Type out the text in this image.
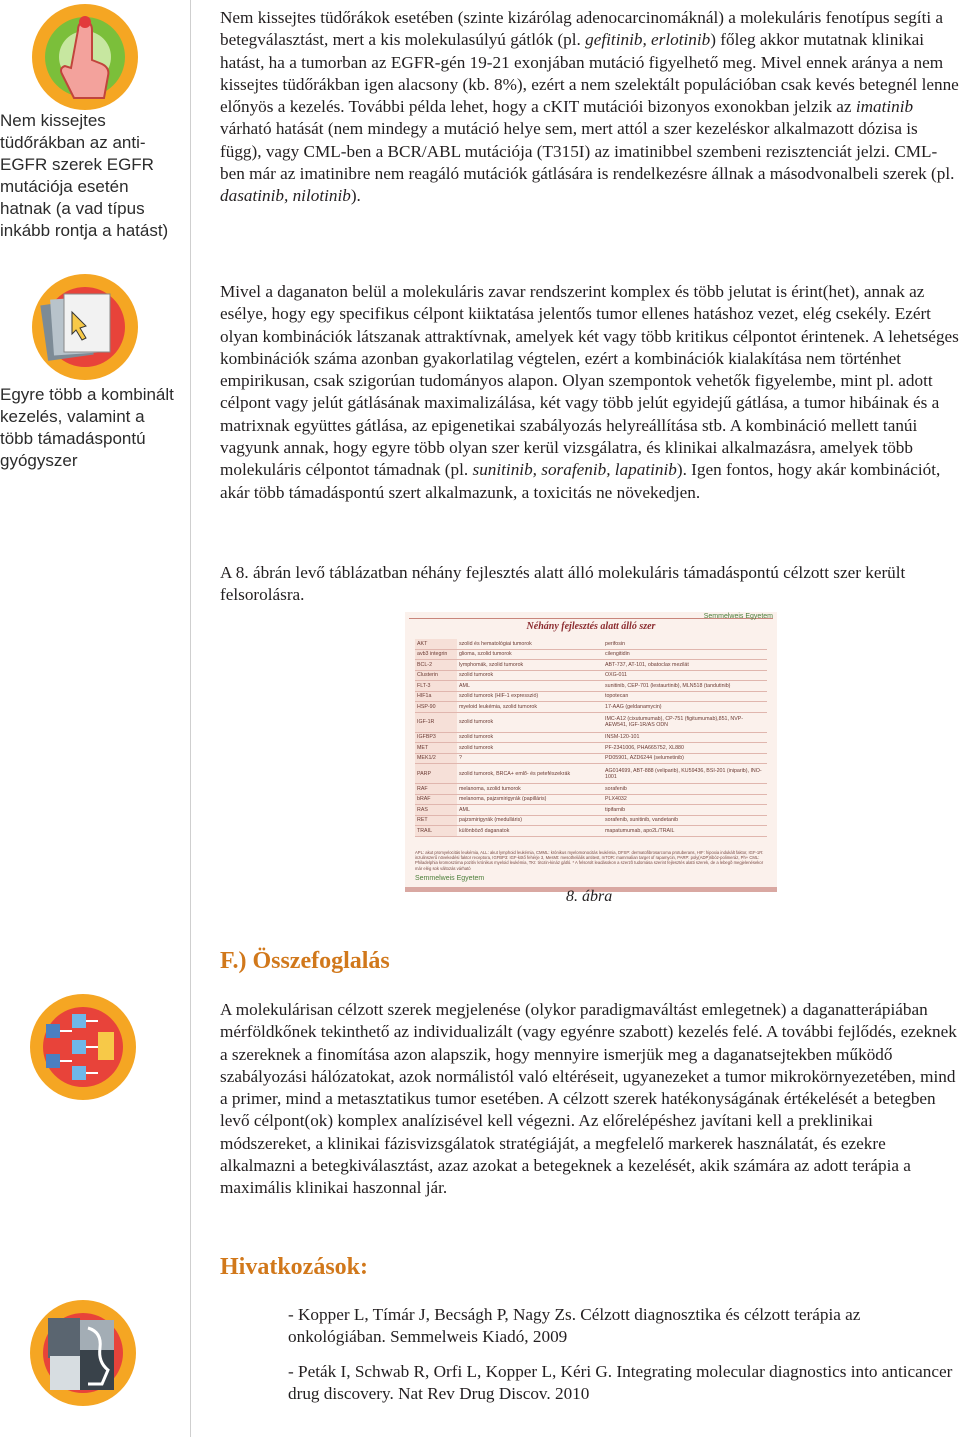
Nem kissejtes tüdőrákban az anti-EGFR szerek EGFR mutációja esetén hatnak (a vad típus inkább rontja a hatást)
Egyre több a kombinált kezelés, valamint a több támadáspontú gyógyszer

Nem kissejtes tüdőrákok esetében (szinte kizárólag adenocarcinomáknál) a molekuláris fenotípus segíti a betegválasztást, mert a kis molekulasúlyú gátlók (pl. gefitinib, erlotinib) főleg akkor mutatnak klinikai hatást, ha a tumorban az EGFR-gén 19-21 exonjában mutáció figyelhető meg. Mivel ennek aránya a nem kissejtes tüdőrákban igen alacsony (kb. 8%), ezért a nem szelektált populációban csak kevés betegnél lenne előnyös a kezelés. További példa lehet, hogy a cKIT mutációi bizonyos exonokban jelzik az imatinib várható hatását (nem mindegy a mutáció helye sem, mert attól a szer kezeléskor alkalmazott dózisa is függ), vagy CML-ben a BCR/ABL mutációja (T315I) az imatinibbel szembeni rezisztenciát jelzi. CML-ben már az imatinibre nem reagáló mutációk gátlására is rendelkezésre állnak a másodvonalbeli szerek (pl. dasatinib, nilotinib).

Mivel a daganaton belül a molekuláris zavar rendszerint komplex és több jelutat is érint(het), annak az esélye, hogy egy specifikus célpont kiiktatása jelentős tumor ellenes hatáshoz vezet, elég csekély. Ezért olyan kombinációk látszanak attraktívnak, amelyek két vagy több kritikus célpontot érintenek. A lehetséges kombinációk száma azonban gyakorlatilag végtelen, ezért a kombinációk kialakítása nem történhet empirikusan, csak szigorúan tudományos alapon. Olyan szempontok vehetők figyelembe, mint pl. adott célpont vagy jelút gátlásának maximalizálása, két vagy több jelút egyidejű gátlása, a tumor hibáinak és a matrixnak együttes gátlása, az epigenetikai szabályozás helyreállítása stb. A kombináció mellett tanúi vagyunk annak, hogy egyre több olyan szer kerül vizsgálatra, és klinikai alkalmazásra, amelyek több molekuláris célpontot támadnak (pl. sunitinib, sorafenib, lapatinib). Igen fontos, hogy akár kombinációt, akár több támadáspontú szert alkalmazunk, a toxicitás ne növekedjen.

A 8. ábrán levő táblázatban néhány fejlesztés alatt álló molekuláris támadáspontú célzott szer került felsorolásra.

Semmelweis Egyetem
Néhány fejlesztés alatt álló szer
AKT	szolid és hematológiai tumorok	perifosin
avb3 integrin	glioma, szolid tumorok	cilengitidin
BCL-2	lymphomák, szolid tumorok	ABT-737, AT-101, obatoclax mezilát
Clusterin	szolid tumorok	OXG-011
FLT-3	AML	sunitinib, CEP-701 (lestaurtinib), MLN518 (tandutinib)
HIF1a	szolid tumorok (HIF-1 expresszió)	topotecan
HSP-90	myeloid leukémia, szolid tumorok	17-AAG (geldanamycin)
IGF-1R	szolid tumorok	IMC-A12 (cixutumumab), CP-751 (figitumumab),851, NVP-AEW541, IGF-1R/AS ODN
IGFBP3	szolid tumorok	INSM-120-101
MET	szolid tumorok	PF-2341006, PHA665752, XL880
MEK1/2	?	PD05901, AZD6244 (selumetinib)
PARP	szolid tumorok, BRCA+ emlő- és petefészekrák	AG014699, ABT-888 (veliparib), KU59436, BSI-201 (iniparib), INO-1001
RAF	melanoma, szolid tumorok	sorafenib
bRAF	melanoma, pajzsmirigyrák (papilláris)	PLX4032
RAS	AML	tipifarnib
RET	pajzsmirigyrák (medulláris)	sorafenib, sunitinib, vandetanib
TRAIL	különböző daganatok	mapatumumab, apo2L/TRAIL
APL: akut promyelocitás leukémia, ALL: akut lymphoid leukémia, CMML: krónikus myelomonocitás leukémia, DFSP: dermatofibrosarcoma protuberans, HIF: hipoxia indukált faktor, IGF-1R: inzulinszerű növekedési faktor receptora, IGFBP3: IGF-kötő fehérje 3, MesMt: mesotheliális antitest, mTOR: mammalian target of rapamycin, PARP: poly(ADP)ribóz-polimeráz, Ph+ CML: Philadelphia kromoszóma pozitív krónikus myeloid leukémia, TKI: tirozin-kináz gátló. * A felsorolt leadásokon a szerzõ tudomása szerint fejlesztés alatti szerek, de a lebegõ megjelenésekor már elég sok változás várható
Semmelweis Egyetem
8. ábra
F.) Összefoglalás

A molekulárisan célzott szerek megjelenése (olykor paradigmaváltást emlegetnek) a daganatterápiában mérföldkőnek tekinthető az individualizált (vagy egyénre szabott) kezelés felé. A további fejlődés, ezeknek a szereknek a finomítása azon alapszik, hogy mennyire ismerjük meg a daganatsejtekben működő szabályozási hálózatokat, azok normálistól való eltéréseit, ugyanezeket a tumor mikrokörnyezetében, mind a primer, mind a metasztatikus tumor esetében. A célzott szerek hatékonyságának értékelését a betegben levő célpont(ok) komplex analízisével kell végezni. Az előrelépéshez javítani kell a preklinikai módszereket, a klinikai fázisvizsgálatok stratégiáját, a megfelelő markerek használatát, és ezekre alkalmazni a betegkiválasztást, azaz azokat a betegeknek a kezelését, akik számára az adott terápia a maximális klinikai haszonnal jár.

Hivatkozások:

- Kopper L, Tímár J, Becságh P, Nagy Zs. Célzott diagnosztika és célzott terápia az onkológiában. Semmelweis Kiadó, 2009

- Peták I, Schwab R, Orfi L, Kopper L, Kéri G. Integrating molecular diagnostics into anticancer drug discovery. Nat Rev Drug Discov. 2010
